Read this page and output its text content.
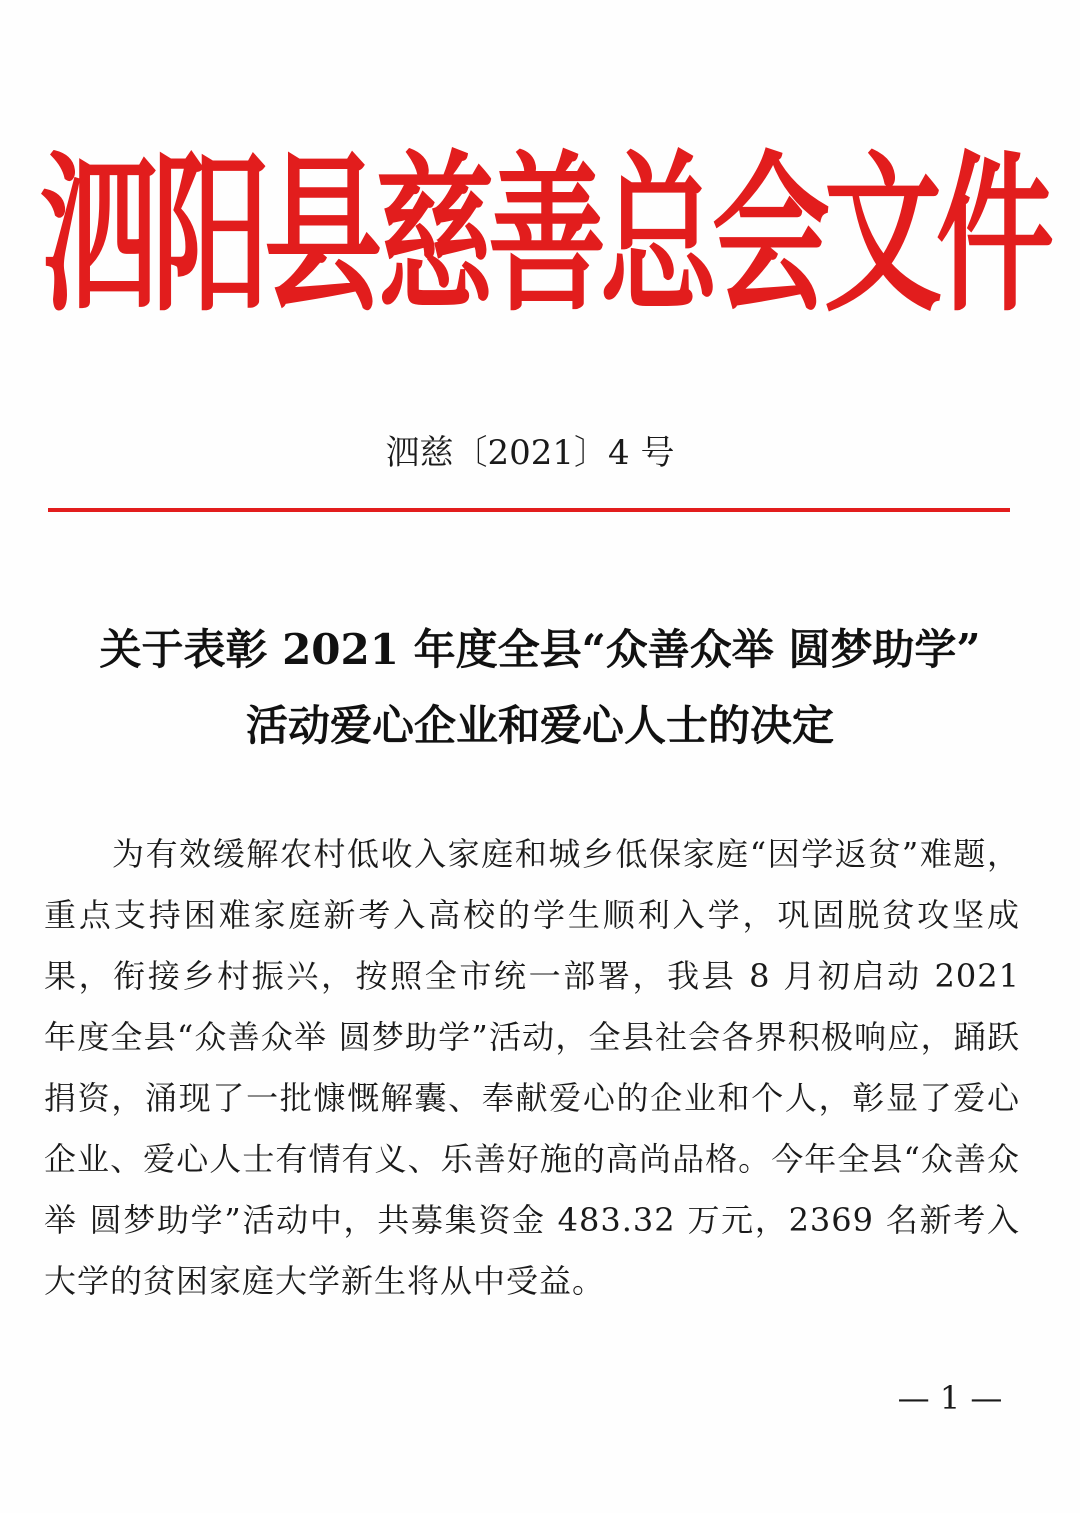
泗阳县慈善总会文件
泗慈〔2021〕4 号
关于表彰 2021 年度全县“众善众举 圆梦助学”
活动爱心企业和爱心人士的决定

为有效缓解农村低收入家庭和城乡低保家庭“因学返贫”难题，重点支持困难家庭新考入高校的学生顺利入学，巩固脱贫攻坚成果，衔接乡村振兴，按照全市统一部署，我县 8 月初启动 2021 年度全县“众善众举 圆梦助学”活动，全县社会各界积极响应，踊跃捐资，涌现了一批慷慨解囊、奉献爱心的企业和个人，彰显了爱心企业、爱心人士有情有义、乐善好施的高尚品格。今年全县“众善众举 圆梦助学”活动中，共募集资金 483.32 万元，2369 名新考入大学的贫困家庭大学新生将从中受益。

— 1 —
